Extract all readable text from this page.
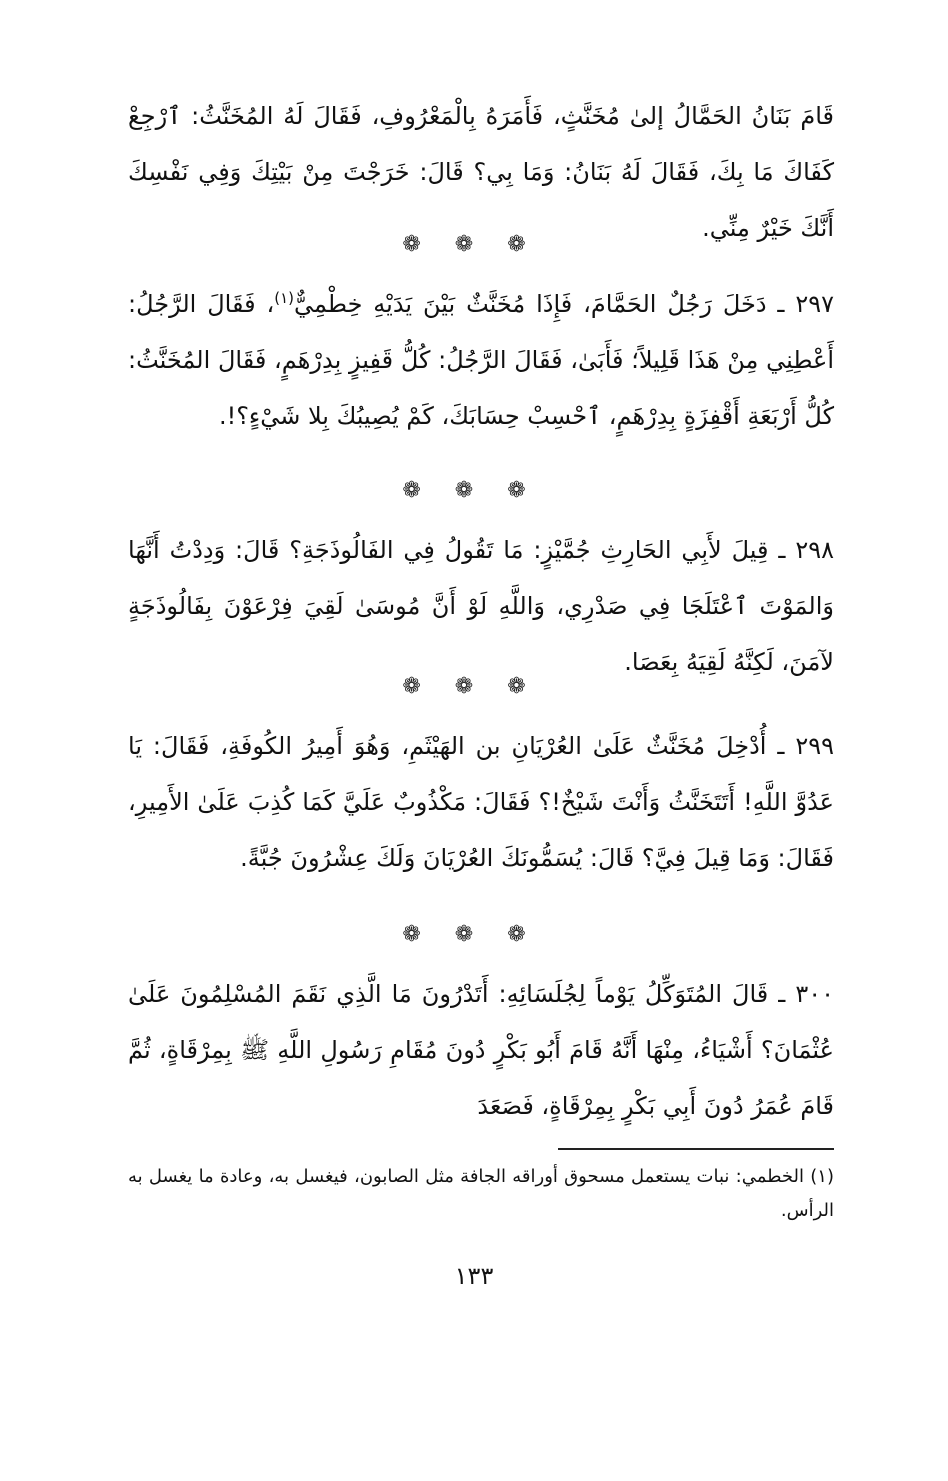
قَامَ بَنَانُ الحَمَّالُ إلىٰ مُخَنَّثٍ، فَأَمَرَهُ بِالْمَعْرُوفِ، فَقَالَ لَهُ المُخَنَّثُ: ٱرْجِعْ كَفَاكَ مَا بِكَ، فَقَالَ لَهُ بَنَانُ: وَمَا بِي؟ قَالَ: خَرَجْتَ مِنْ بَيْتِكَ وَفِي نَفْسِكَ أَنَّكَ خَيْرٌ مِنِّي.

❁❁❁

٢٩٧ ـ دَخَلَ رَجُلٌ الحَمَّامَ، فَإِذَا مُخَنَّثٌ بَيْنَ يَدَيْهِ خِطْمِيٌّ$^{(١)}$، فَقَالَ الرَّجُلُ: أَعْطِنِي مِنْ هَذَا قَلِيلاً؛ فَأَبَىٰ، فَقَالَ الرَّجُلُ: كُلُّ قَفِيزٍ بِدِرْهَمٍ، فَقَالَ المُخَنَّثُ: كُلُّ أَرْبَعَةِ أَقْفِزَةٍ بِدِرْهَمٍ، ٱحْسِبْ حِسَابَكَ، كَمْ يُصِيبُكَ بِلا شَيْءٍ؟!.

❁❁❁

٢٩٨ ـ قِيلَ لأَبِي الحَارِثِ جُمَّيْزٍ: مَا تَقُولُ فِي الفَالُوذَجَةِ؟ قَالَ: وَدِدْتُ أَنَّهَا وَالمَوْتَ ٱعْتَلَجَا فِي صَدْرِي، وَاللَّهِ لَوْ أَنَّ مُوسَىٰ لَقِيَ فِرْعَوْنَ بِفَالُوذَجَةٍ لآمَنَ، لَكِنَّهُ لَقِيَهُ بِعَصَا.

❁❁❁

٢٩٩ ـ أُدْخِلَ مُخَنَّثٌ عَلَىٰ العُرْيَانِ بن الهَيْثَمِ، وَهُوَ أَمِيرُ الكُوفَةِ، فَقَالَ: يَا عَدُوَّ اللَّهِ! أَتَتَخَنَّثُ وَأَنْتَ شَيْخٌ!؟ فَقَالَ: مَكْذُوبٌ عَلَيَّ كَمَا كُذِبَ عَلَىٰ الأَمِيرِ، فَقَالَ: وَمَا قِيلَ فِيَّ؟ قَالَ: يُسَمُّونَكَ العُرْيَانَ وَلَكَ عِشْرُونَ جُبَّةً.

❁❁❁

٣٠٠ ـ قَالَ المُتَوَكِّلُ يَوْماً لِجُلَسَائِهِ: أَتَدْرُونَ مَا الَّذِي نَقَمَ المُسْلِمُونَ عَلَىٰ عُثْمَانَ؟ أَشْيَاءُ، مِنْهَا أَنَّهُ قَامَ أَبُو بَكْرٍ دُونَ مُقَامِ رَسُولِ اللَّهِ ﷺ بِمِرْقَاةٍ، ثُمَّ قَامَ عُمَرُ دُونَ أَبِي بَكْرٍ بِمِرْقَاةٍ، فَصَعَدَ

(١) الخطمي: نبات يستعمل مسحوق أوراقه الجافة مثل الصابون، فيغسل به، وعادة ما يغسل به الرأس.
١٣٣
